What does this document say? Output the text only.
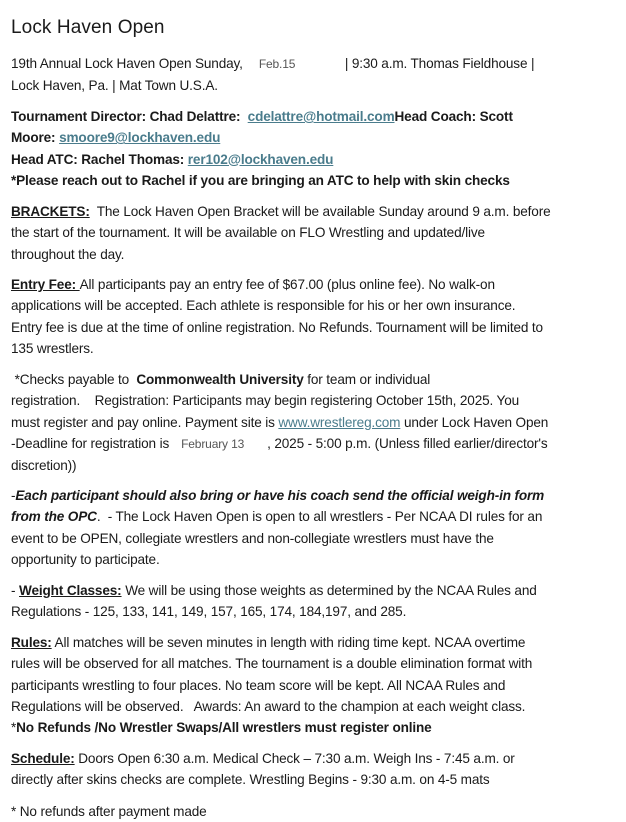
Lock Haven Open
19th Annual Lock Haven Open Sunday, Feb.15	| 9:30 a.m. Thomas Fieldhouse |
Lock Haven, Pa. | Mat Town U.S.A.
Tournament Director: Chad Delattre: cdelattre@hotmail.comHead Coach: Scott
Moore: smoore9@lockhaven.edu
Head ATC: Rachel Thomas: rer102@lockhaven.edu
*Please reach out to Rachel if you are bringing an ATC to help with skin checks
BRACKETS: The Lock Haven Open Bracket will be available Sunday around 9 a.m. before
the start of the tournament. It will be available on FLO Wrestling and updated/live
throughout the day.
Entry Fee: All participants pay an entry fee of $67.00 (plus online fee). No walk-on
applications will be accepted. Each athlete is responsible for his or her own insurance.
Entry fee is due at the time of online registration. No Refunds. Tournament will be limited to
135 wrestlers.
*Checks payable to Commonwealth University for team or individual
registration.    Registration: Participants may begin registering October 15th, 2025. You
must register and pay online. Payment site is www.wrestlereg.com under Lock Haven Open
-Deadline for registration is February 13 , 2025 - 5:00 p.m. (Unless filled earlier/director's
discretion))
-Each participant should also bring or have his coach send the official weigh-in form
from the OPC.  - The Lock Haven Open is open to all wrestlers - Per NCAA DI rules for an
event to be OPEN, collegiate wrestlers and non-collegiate wrestlers must have the
opportunity to participate.
- Weight Classes: We will be using those weights as determined by the NCAA Rules and
Regulations - 125, 133, 141, 149, 157, 165, 174, 184,197, and 285.
Rules: All matches will be seven minutes in length with riding time kept. NCAA overtime
rules will be observed for all matches. The tournament is a double elimination format with
participants wrestling to four places. No team score will be kept. All NCAA Rules and
Regulations will be observed.   Awards: An award to the champion at each weight class.
*No Refunds /No Wrestler Swaps/All wrestlers must register online
Schedule: Doors Open 6:30 a.m. Medical Check – 7:30 a.m. Weigh Ins - 7:45 a.m. or
directly after skins checks are complete. Wrestling Begins - 9:30 a.m. on 4-5 mats
* No refunds after payment made
